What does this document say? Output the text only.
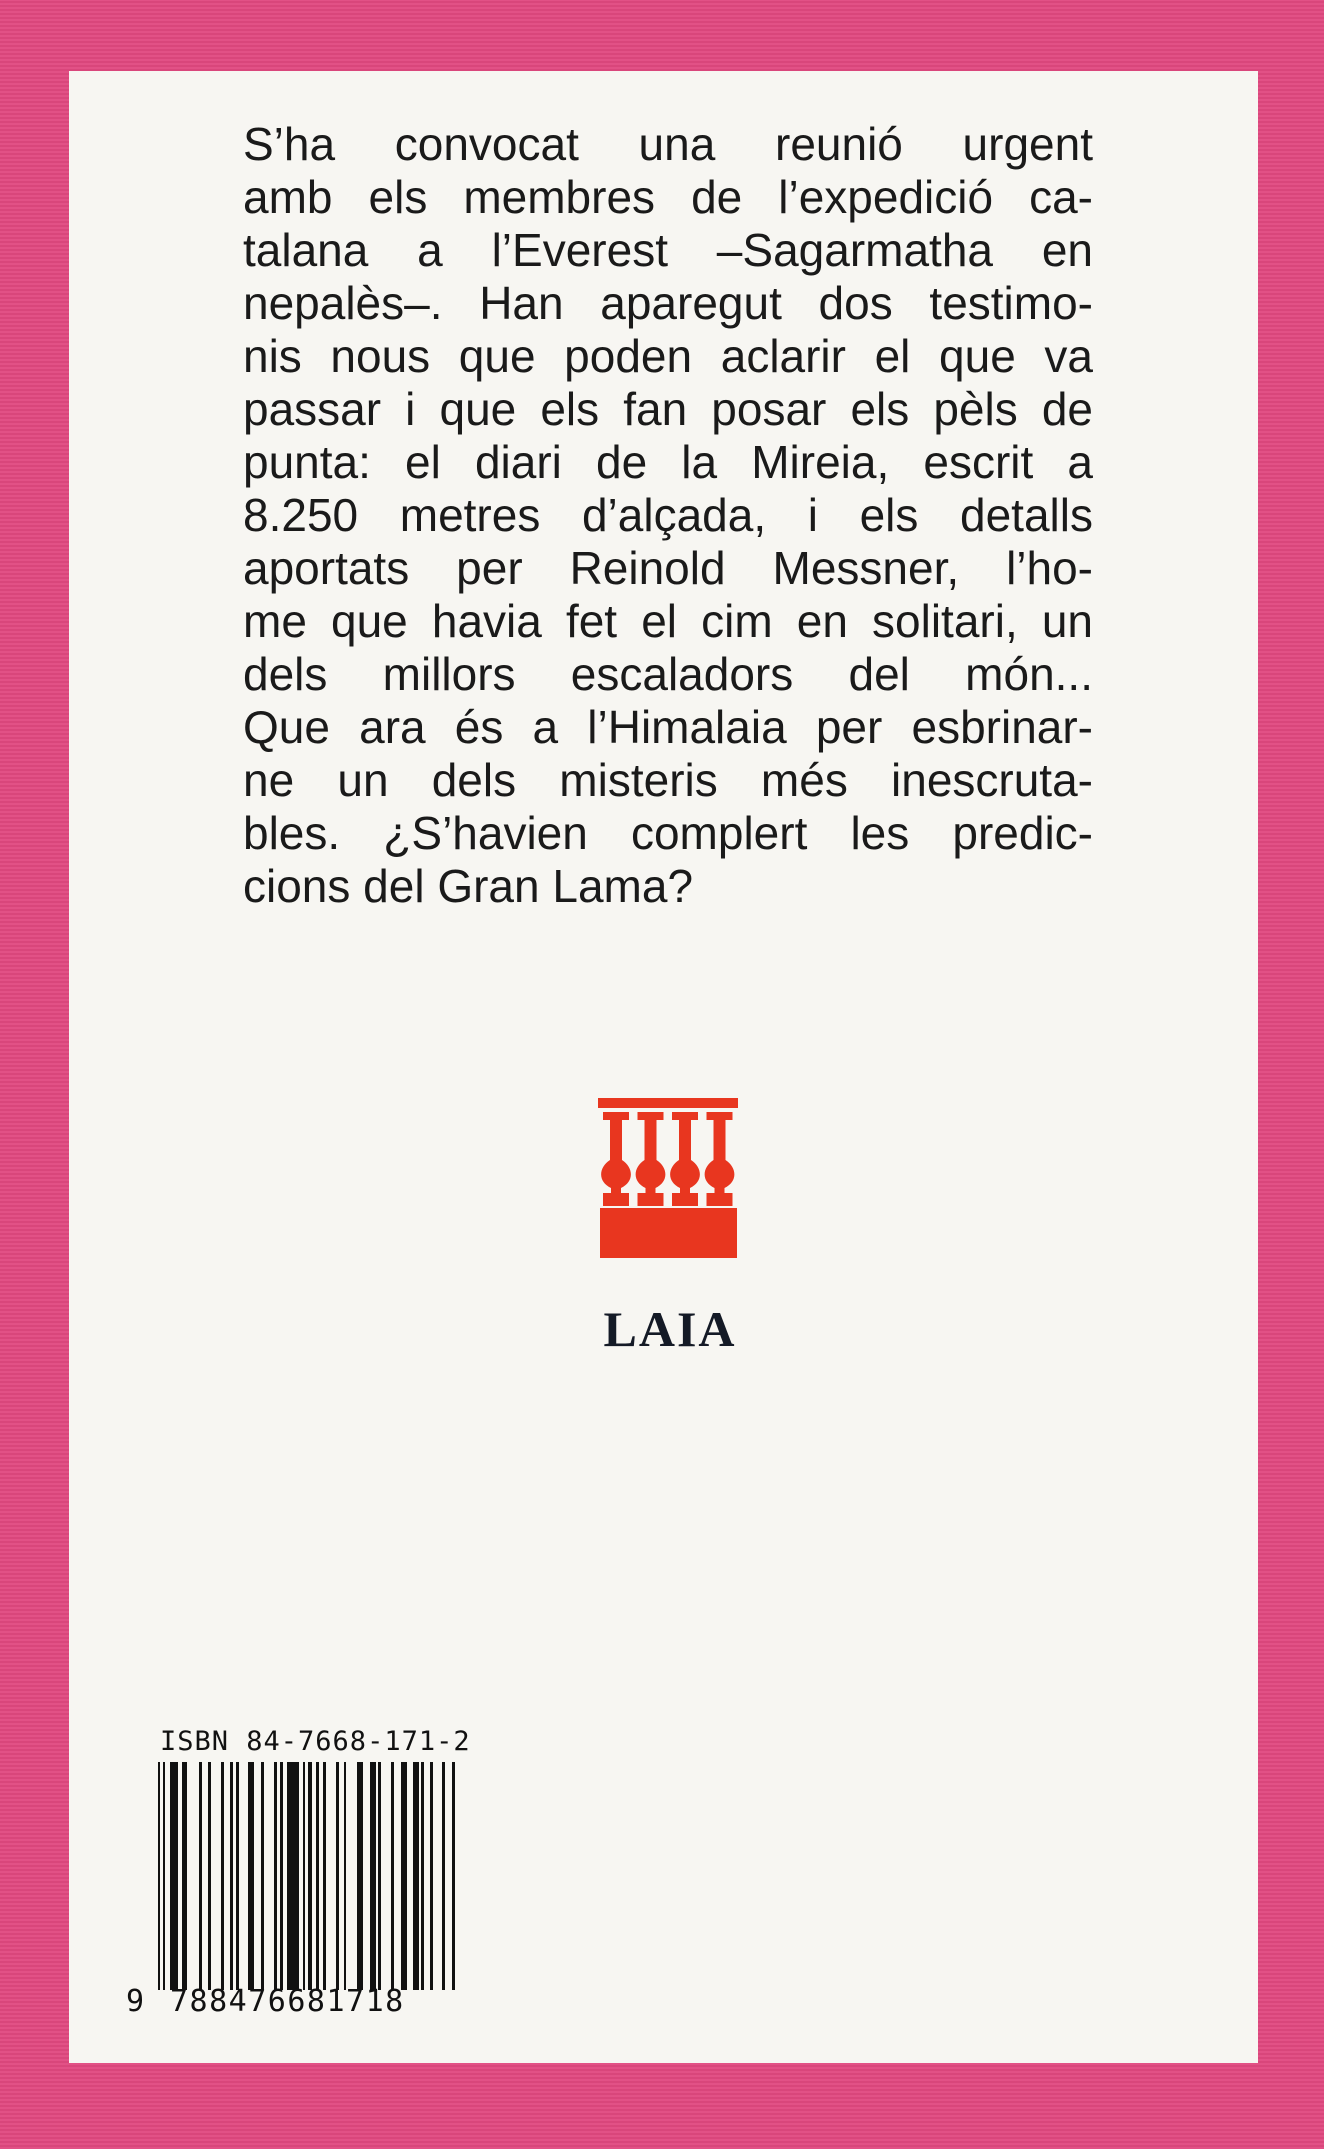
S’ha convocat una reunió urgent
amb els membres de l’expedició ca-
talana a l’Everest –Sagarmatha en
nepalès–. Han aparegut dos testimo-
nis nous que poden aclarir el que va
passar i que els fan posar els pèls de
punta: el diari de la Mireia, escrit a
8.250 metres d’alçada, i els detalls
aportats per Reinold Messner, l’ho-
me que havia fet el cim en solitari, un
dels millors escaladors del món...
Que ara és a l’Himalaia per esbrinar-
ne un dels misteris més inescruta-
bles. ¿S’havien complert les predic-
cions del Gran Lama?
LAIA
ISBN 84-7668-171-2
9 788476681718
